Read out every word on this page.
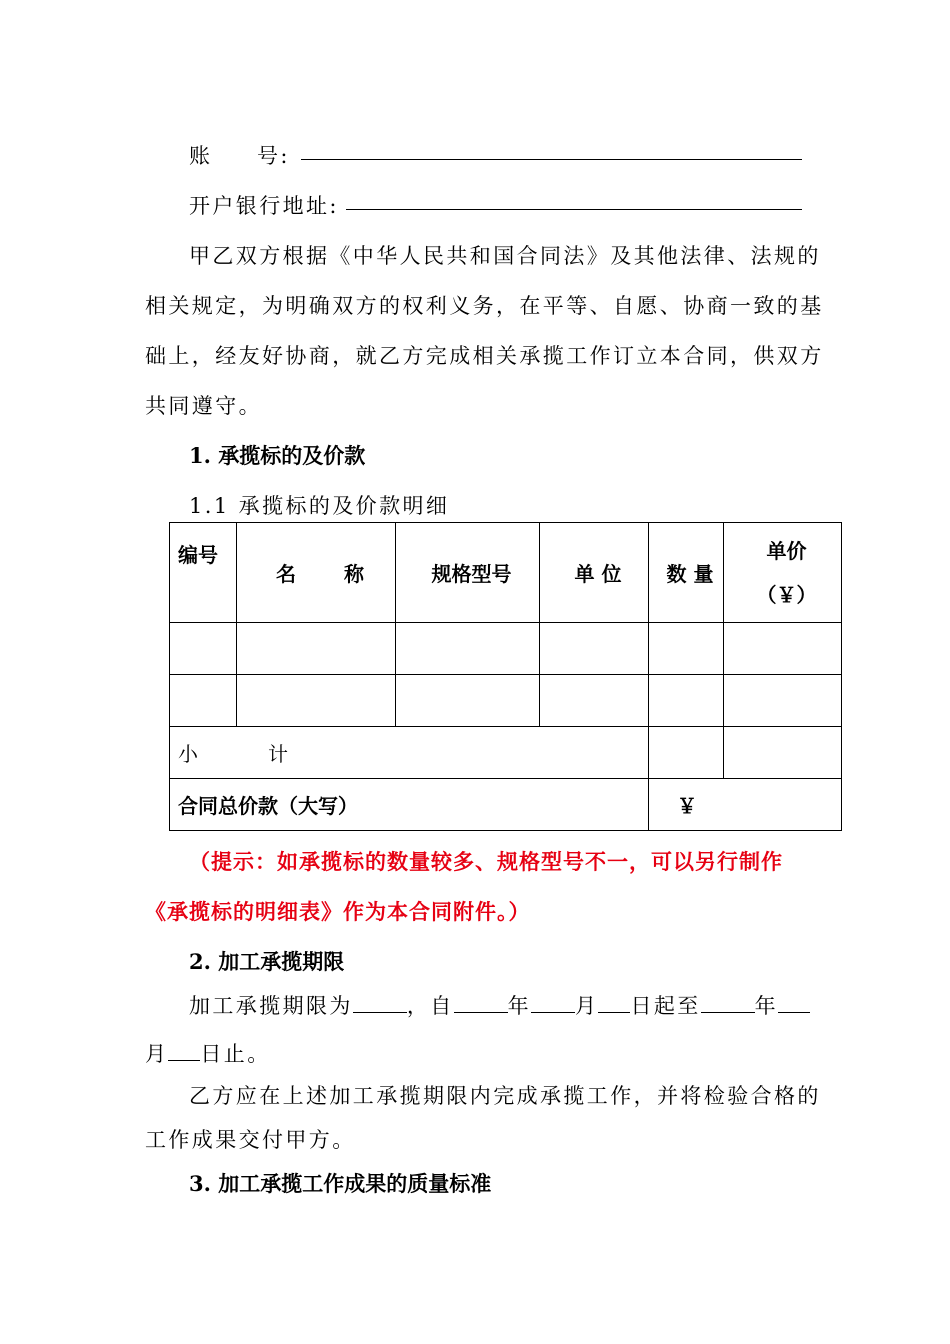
账 号:
开户银行地址:
甲乙双方根据《中华人民共和国合同法》及其他法律、法规的
相关规定，为明确双方的权利义务，在平等、自愿、协商一致的基
础上，经友好协商，就乙方完成相关承揽工作订立本合同，供双方
共同遵守。
1. 承揽标的及价款
1.1 承揽标的及价款明细
编号	名 称	规格型号	单 位	数 量	单价
（￥）

小 计					
合同总价款（大写）				￥	
（提示：如承揽标的数量较多、规格型号不一，可以另行制作
《承揽标的明细表》作为本合同附件。）
2. 加工承揽期限
加工承揽期限为	，自	年 月 日起至	年
月 日止。
乙方应在上述加工承揽期限内完成承揽工作，并将检验合格的
工作成果交付甲方。
3. 加工承揽工作成果的质量标准
